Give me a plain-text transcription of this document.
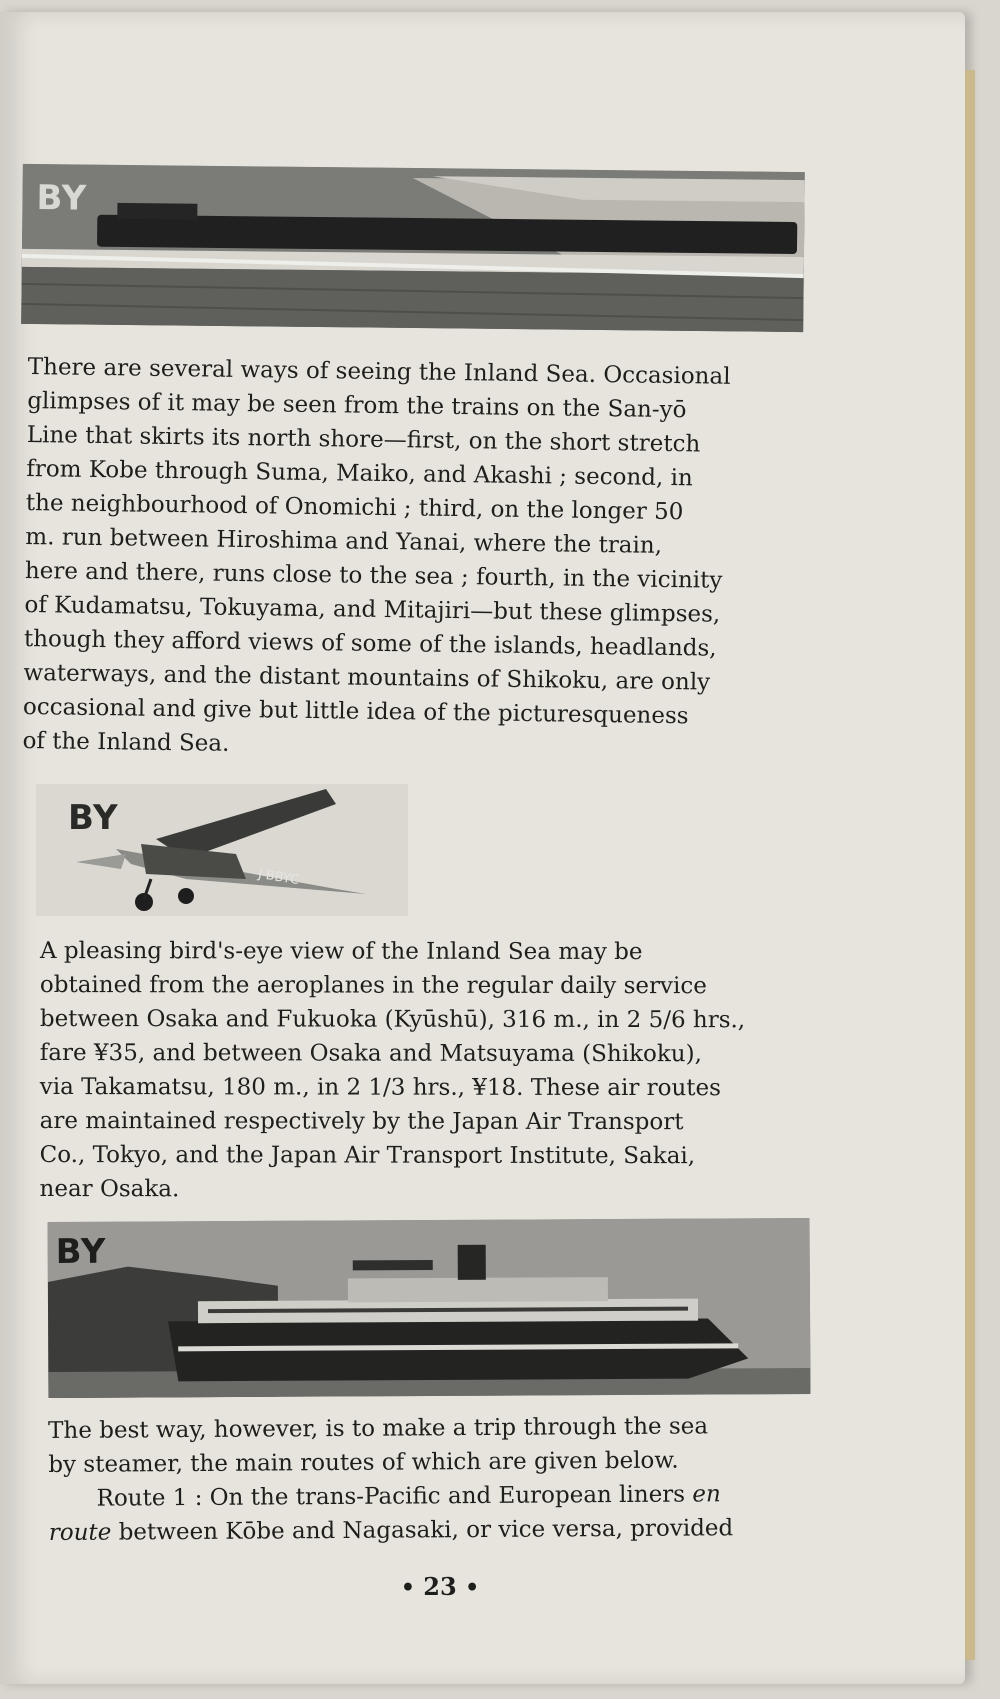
BY
There are several ways of seeing the Inland Sea. Occasional
glimpses of it may be seen from the trains on the San-yō
Line that skirts its north shore—first, on the short stretch
from Kobe through Suma, Maiko, and Akashi ; second, in
the neighbourhood of Onomichi ; third, on the longer 50
m. run between Hiroshima and Yanai, where the train,
here and there, runs close to the sea ; fourth, in the vicinity
of Kudamatsu, Tokuyama, and Mitajiri—but these glimpses,
though they afford views of some of the islands, headlands,
waterways, and the distant mountains of Shikoku, are only
occasional and give but little idea of the picturesqueness
of the Inland Sea.
BY
J-BBYC
A pleasing bird's-eye view of the Inland Sea may be
obtained from the aeroplanes in the regular daily service
between Osaka and Fukuoka (Kyūshū), 316 m., in 2 5/6 hrs.,
fare ¥35, and between Osaka and Matsuyama (Shikoku),
via Takamatsu, 180 m., in 2 1/3 hrs., ¥18. These air routes
are maintained respectively by the Japan Air Transport
Co., Tokyo, and the Japan Air Transport Institute, Sakai,
near Osaka.
BY
The best way, however, is to make a trip through the sea
by steamer, the main routes of which are given below.
Route 1 : On the trans-Pacific and European liners en
route between Kōbe and Nagasaki, or vice versa, provided
• 23 •
